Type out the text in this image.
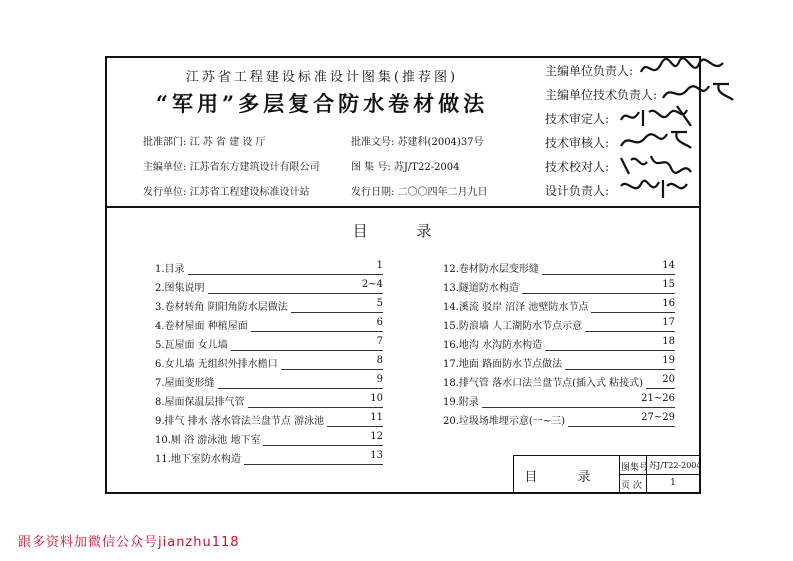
江苏省工程建设标准设计图集(推荐图)
“军用”多层复合防水卷材做法
批准部门: 江 苏 省 建 设 厅	批准文号: 苏建科(2004)37号
主编单位: 江苏省东方建筑设计有限公司	图 集 号: 苏J/T22-2004
发行单位: 江苏省工程建设标准设计站	发行日期: 二〇〇四年二月九日
目 录
1.目录	1
2.图集说明	2~4
3.卷材转角 阴阳角防水层做法	5
4.卷材屋面 种植屋面	6
5.瓦屋面 女儿墙	7
6.女儿墙 无组织外排水檐口	8
7.屋面变形缝	9
8.屋面保温层排气管	10
9.排气 排水 落水管法兰盘节点 游泳池	11
10.厕 浴 游泳池 地下室	12
11.地下室防水构造	13
12.卷材防水层变形缝	14
13.隧道防水构造	15
14.溪流 驳岸 沼泽 池壁防水节点	16
15.防浪墙 人工湖防水节点示意	17
16.地沟 水沟防水构造	18
17.地面 路面防水节点做法	19
18.排气管 落水口法兰盘节点(插入式 粘接式)	20
19.附录	21~26
20.垃圾场堆埋示意(一~三)	27~29
目 录
图集号 苏J/T22-2004
页 次	1
主编单位负责人:
主编单位技术负责人:
技术审定人:
技术审核人:
技术校对人:
设计负责人:
跟多资料加微信公众号jianzhu118
